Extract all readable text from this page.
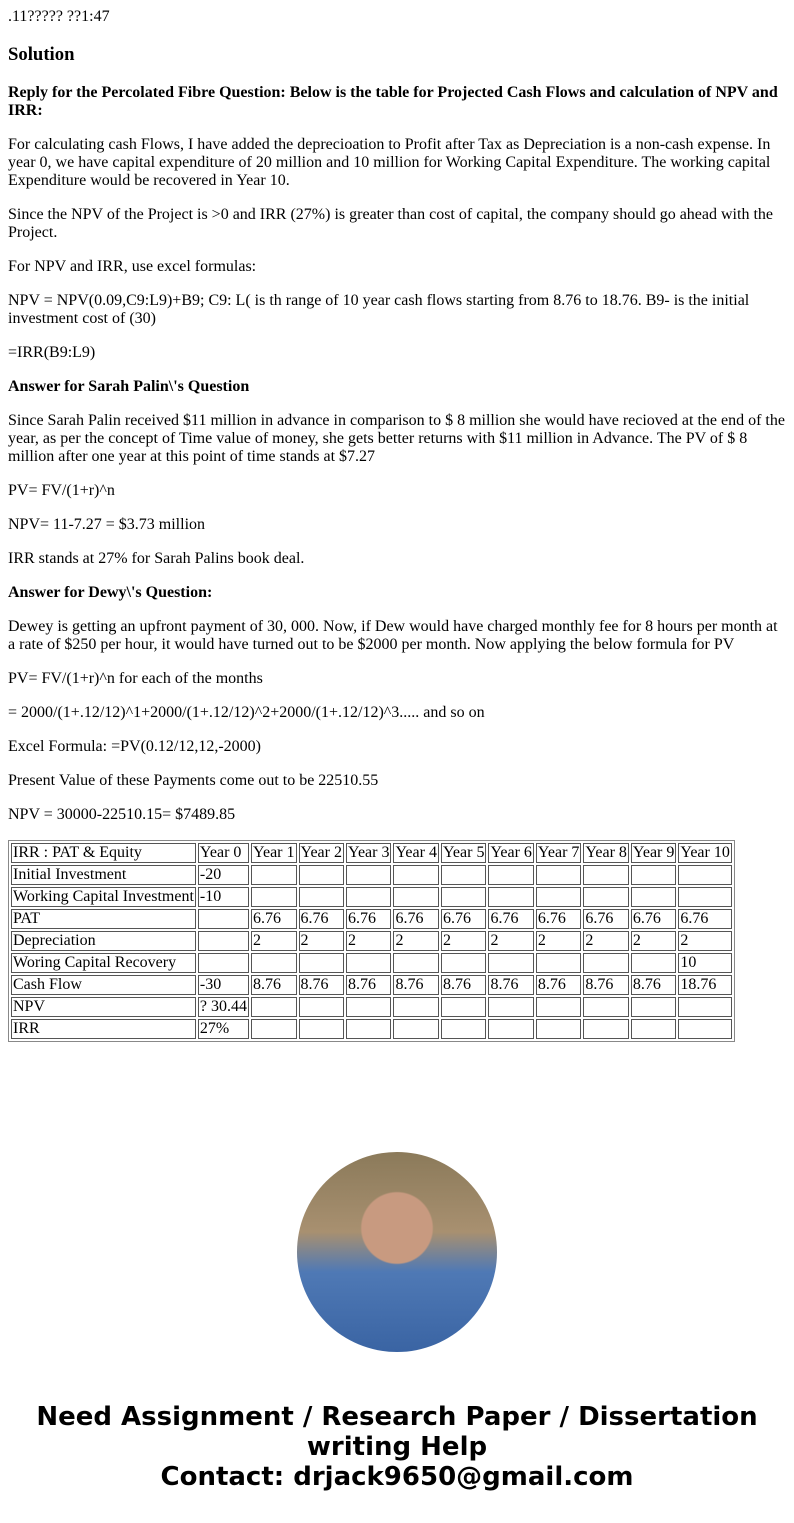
.11????? ??1:47

Solution

Reply for the Percolated Fibre Question: Below is the table for Projected Cash Flows and calculation of NPV and IRR:

For calculating cash Flows, I have added the deprecioation to Profit after Tax as Depreciation is a non-cash expense. In year 0, we have capital expenditure of 20 million and 10 million for Working Capital Expenditure. The working capital Expenditure would be recovered in Year 10.

Since the NPV of the Project is >0 and IRR (27%) is greater than cost of capital, the company should go ahead with the Project.

For NPV and IRR, use excel formulas:

NPV = NPV(0.09,C9:L9)+B9; C9: L( is th range of 10 year cash flows starting from 8.76 to 18.76. B9- is the initial investment cost of (30)

=IRR(B9:L9)

Answer for Sarah Palin\'s Question

Since Sarah Palin received $11 million in advance in comparison to $ 8 million she would have recioved at the end of the year, as per the concept of Time value of money, she gets better returns with $11 million in Advance. The PV of $ 8 million after one year at this point of time stands at $7.27

PV= FV/(1+r)^n

NPV= 11-7.27 = $3.73 million

IRR stands at 27% for Sarah Palins book deal.

Answer for Dewy\'s Question:

Dewey is getting an upfront payment of 30, 000. Now, if Dew would have charged monthly fee for 8 hours per month at a rate of $250 per hour, it would have turned out to be $2000 per month. Now applying the below formula for PV

PV= FV/(1+r)^n for each of the months

= 2000/(1+.12/12)^1+2000/(1+.12/12)^2+2000/(1+.12/12)^3..... and so on

Excel Formula: =PV(0.12/12,12,-2000)

Present Value of these Payments come out to be 22510.55

NPV = 30000-22510.15= $7489.85

IRR : PAT & Equity	Year 0	Year 1	Year 2	Year 3	Year 4	Year 5	Year 6	Year 7	Year 8	Year 9	Year 10
Initial Investment	-20										
Working Capital Investment	-10										
PAT		6.76	6.76	6.76	6.76	6.76	6.76	6.76	6.76	6.76	6.76
Depreciation		2	2	2	2	2	2	2	2	2	2
Woring Capital Recovery											10
Cash Flow	-30	8.76	8.76	8.76	8.76	8.76	8.76	8.76	8.76	8.76	18.76
NPV	? 30.44										
IRR	27%										
Need Assignment / Research Paper / Dissertation writing Help
Contact: drjack9650@gmail.com
